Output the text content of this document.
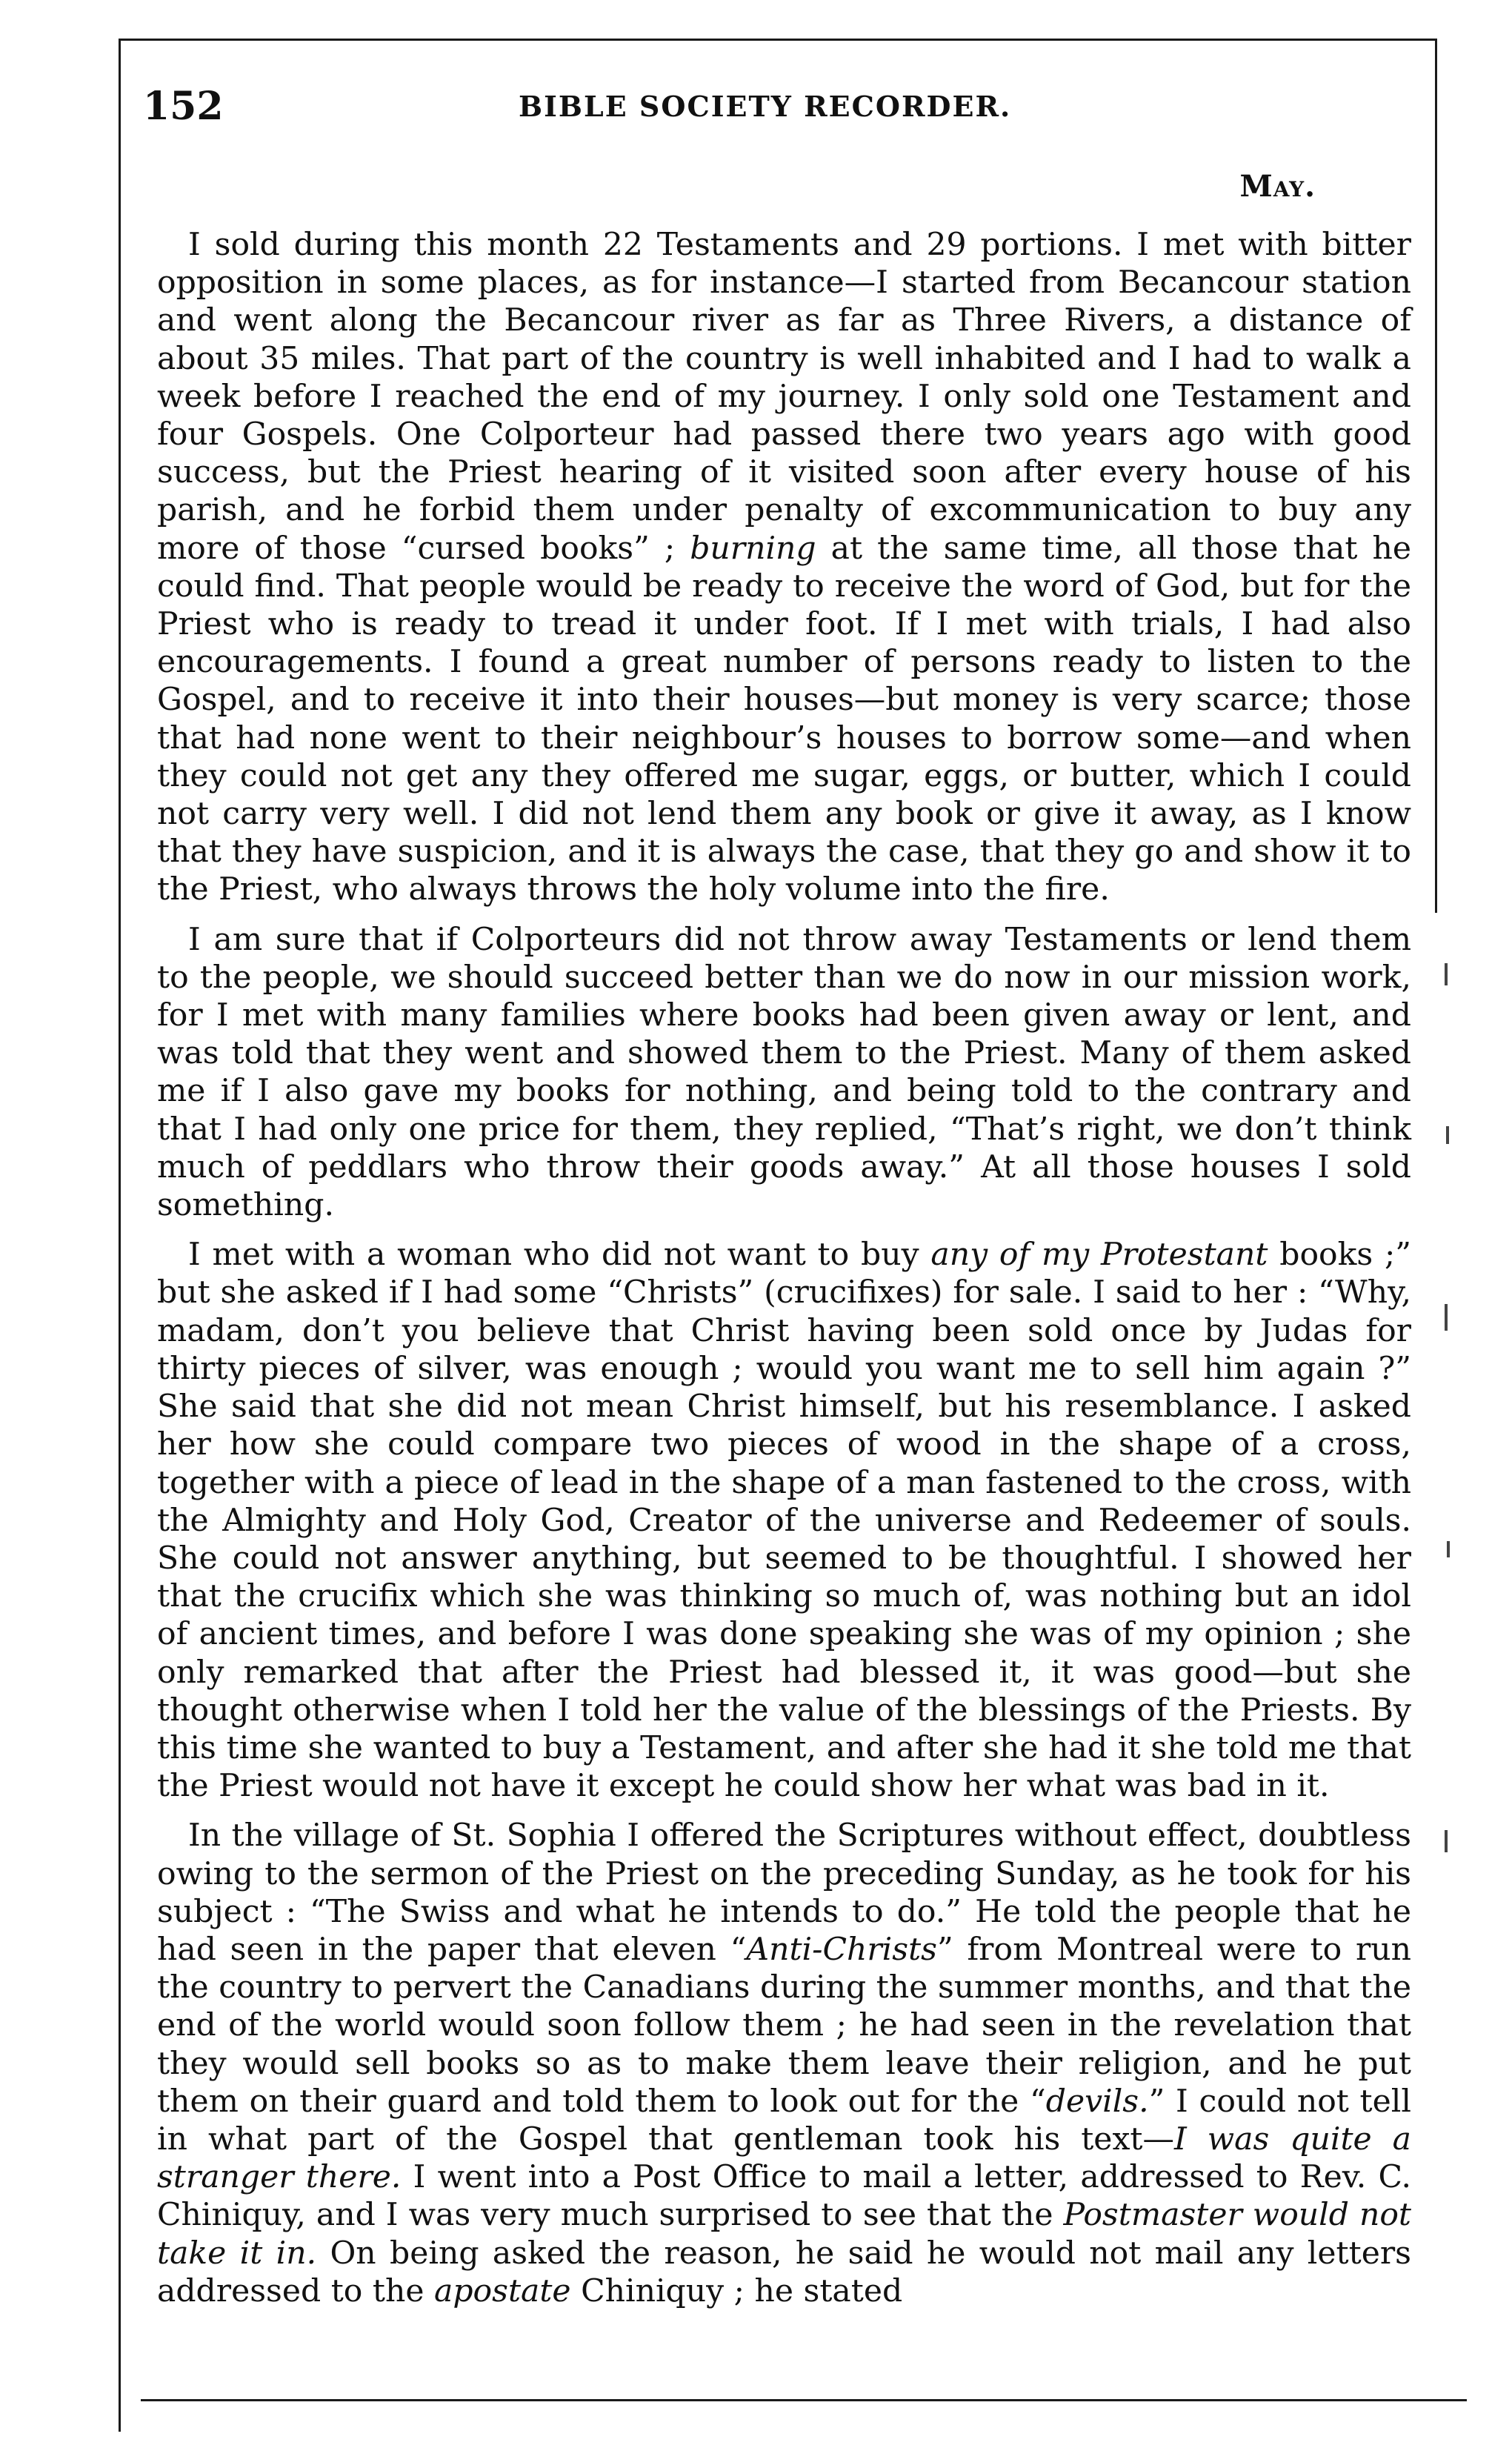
152	BIBLE SOCIETY RECORDER.
May.

I sold during this month 22 Testaments and 29 portions. I met with bitter opposition in some places, as for instance—I started from Becancour station and went along the Becancour river as far as Three Rivers, a distance of about 35 miles. That part of the country is well inhabited and I had to walk a week before I reached the end of my journey. I only sold one Testament and four Gospels. One Colporteur had passed there two years ago with good success, but the Priest hearing of it visited soon after every house of his parish, and he forbid them under penalty of excommunication to buy any more of those “cursed books” ; burning at the same time, all those that he could find. That people would be ready to receive the word of God, but for the Priest who is ready to tread it under foot. If I met with trials, I had also encouragements. I found a great number of persons ready to listen to the Gospel, and to receive it into their houses—but money is very scarce; those that had none went to their neighbour’s houses to borrow some—and when they could not get any they offered me sugar, eggs, or butter, which I could not carry very well. I did not lend them any book or give it away, as I know that they have suspicion, and it is always the case, that they go and show it to the Priest, who always throws the holy volume into the fire.

I am sure that if Colporteurs did not throw away Testaments or lend them to the people, we should succeed better than we do now in our mission work, for I met with many families where books had been given away or lent, and was told that they went and showed them to the Priest. Many of them asked me if I also gave my books for nothing, and being told to the contrary and that I had only one price for them, they replied, “That’s right, we don’t think much of peddlars who throw their goods away.” At all those houses I sold something.

I met with a woman who did not want to buy any of my Protestant books ;” but she asked if I had some “Christs” (crucifixes) for sale. I said to her : “Why, madam, don’t you believe that Christ having been sold once by Judas for thirty pieces of silver, was enough ; would you want me to sell him again ?” She said that she did not mean Christ himself, but his resemblance. I asked her how she could compare two pieces of wood in the shape of a cross, together with a piece of lead in the shape of a man fastened to the cross, with the Almighty and Holy God, Creator of the universe and Redeemer of souls. She could not answer anything, but seemed to be thoughtful. I showed her that the crucifix which she was thinking so much of, was nothing but an idol of ancient times, and before I was done speaking she was of my opinion ; she only remarked that after the Priest had blessed it, it was good—but she thought otherwise when I told her the value of the blessings of the Priests. By this time she wanted to buy a Testament, and after she had it she told me that the Priest would not have it except he could show her what was bad in it.

In the village of St. Sophia I offered the Scriptures without effect, doubtless owing to the sermon of the Priest on the preceding Sunday, as he took for his subject : “The Swiss and what he intends to do.” He told the people that he had seen in the paper that eleven “Anti-Christs” from Montreal were to run the country to pervert the Canadians during the summer months, and that the end of the world would soon follow them ; he had seen in the revelation that they would sell books so as to make them leave their religion, and he put them on their guard and told them to look out for the “devils.” I could not tell in what part of the Gospel that gentleman took his text—I was quite a stranger there. I went into a Post Office to mail a letter, addressed to Rev. C. Chiniquy, and I was very much surprised to see that the Postmaster would not take it in. On being asked the reason, he said he would not mail any letters addressed to the apostate Chiniquy ; he stated
